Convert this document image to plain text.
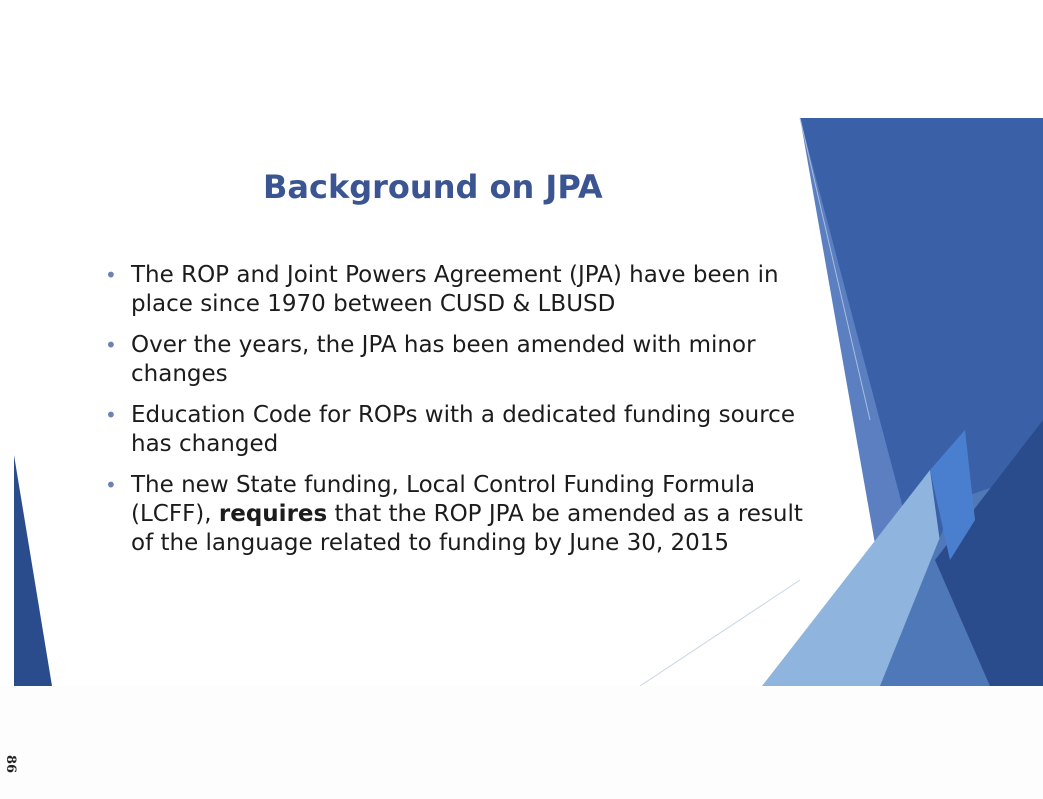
Background on JPA
• The ROP and Joint Powers Agreement (JPA) have been in place since 1970 between CUSD & LBUSD
• Over the years, the JPA has been amended with minor changes
• Education Code for ROPs with a dedicated funding source has changed
• The new State funding, Local Control Funding Formula (LCFF), requires that the ROP JPA be amended as a result of the language related to funding by June 30, 2015
86
